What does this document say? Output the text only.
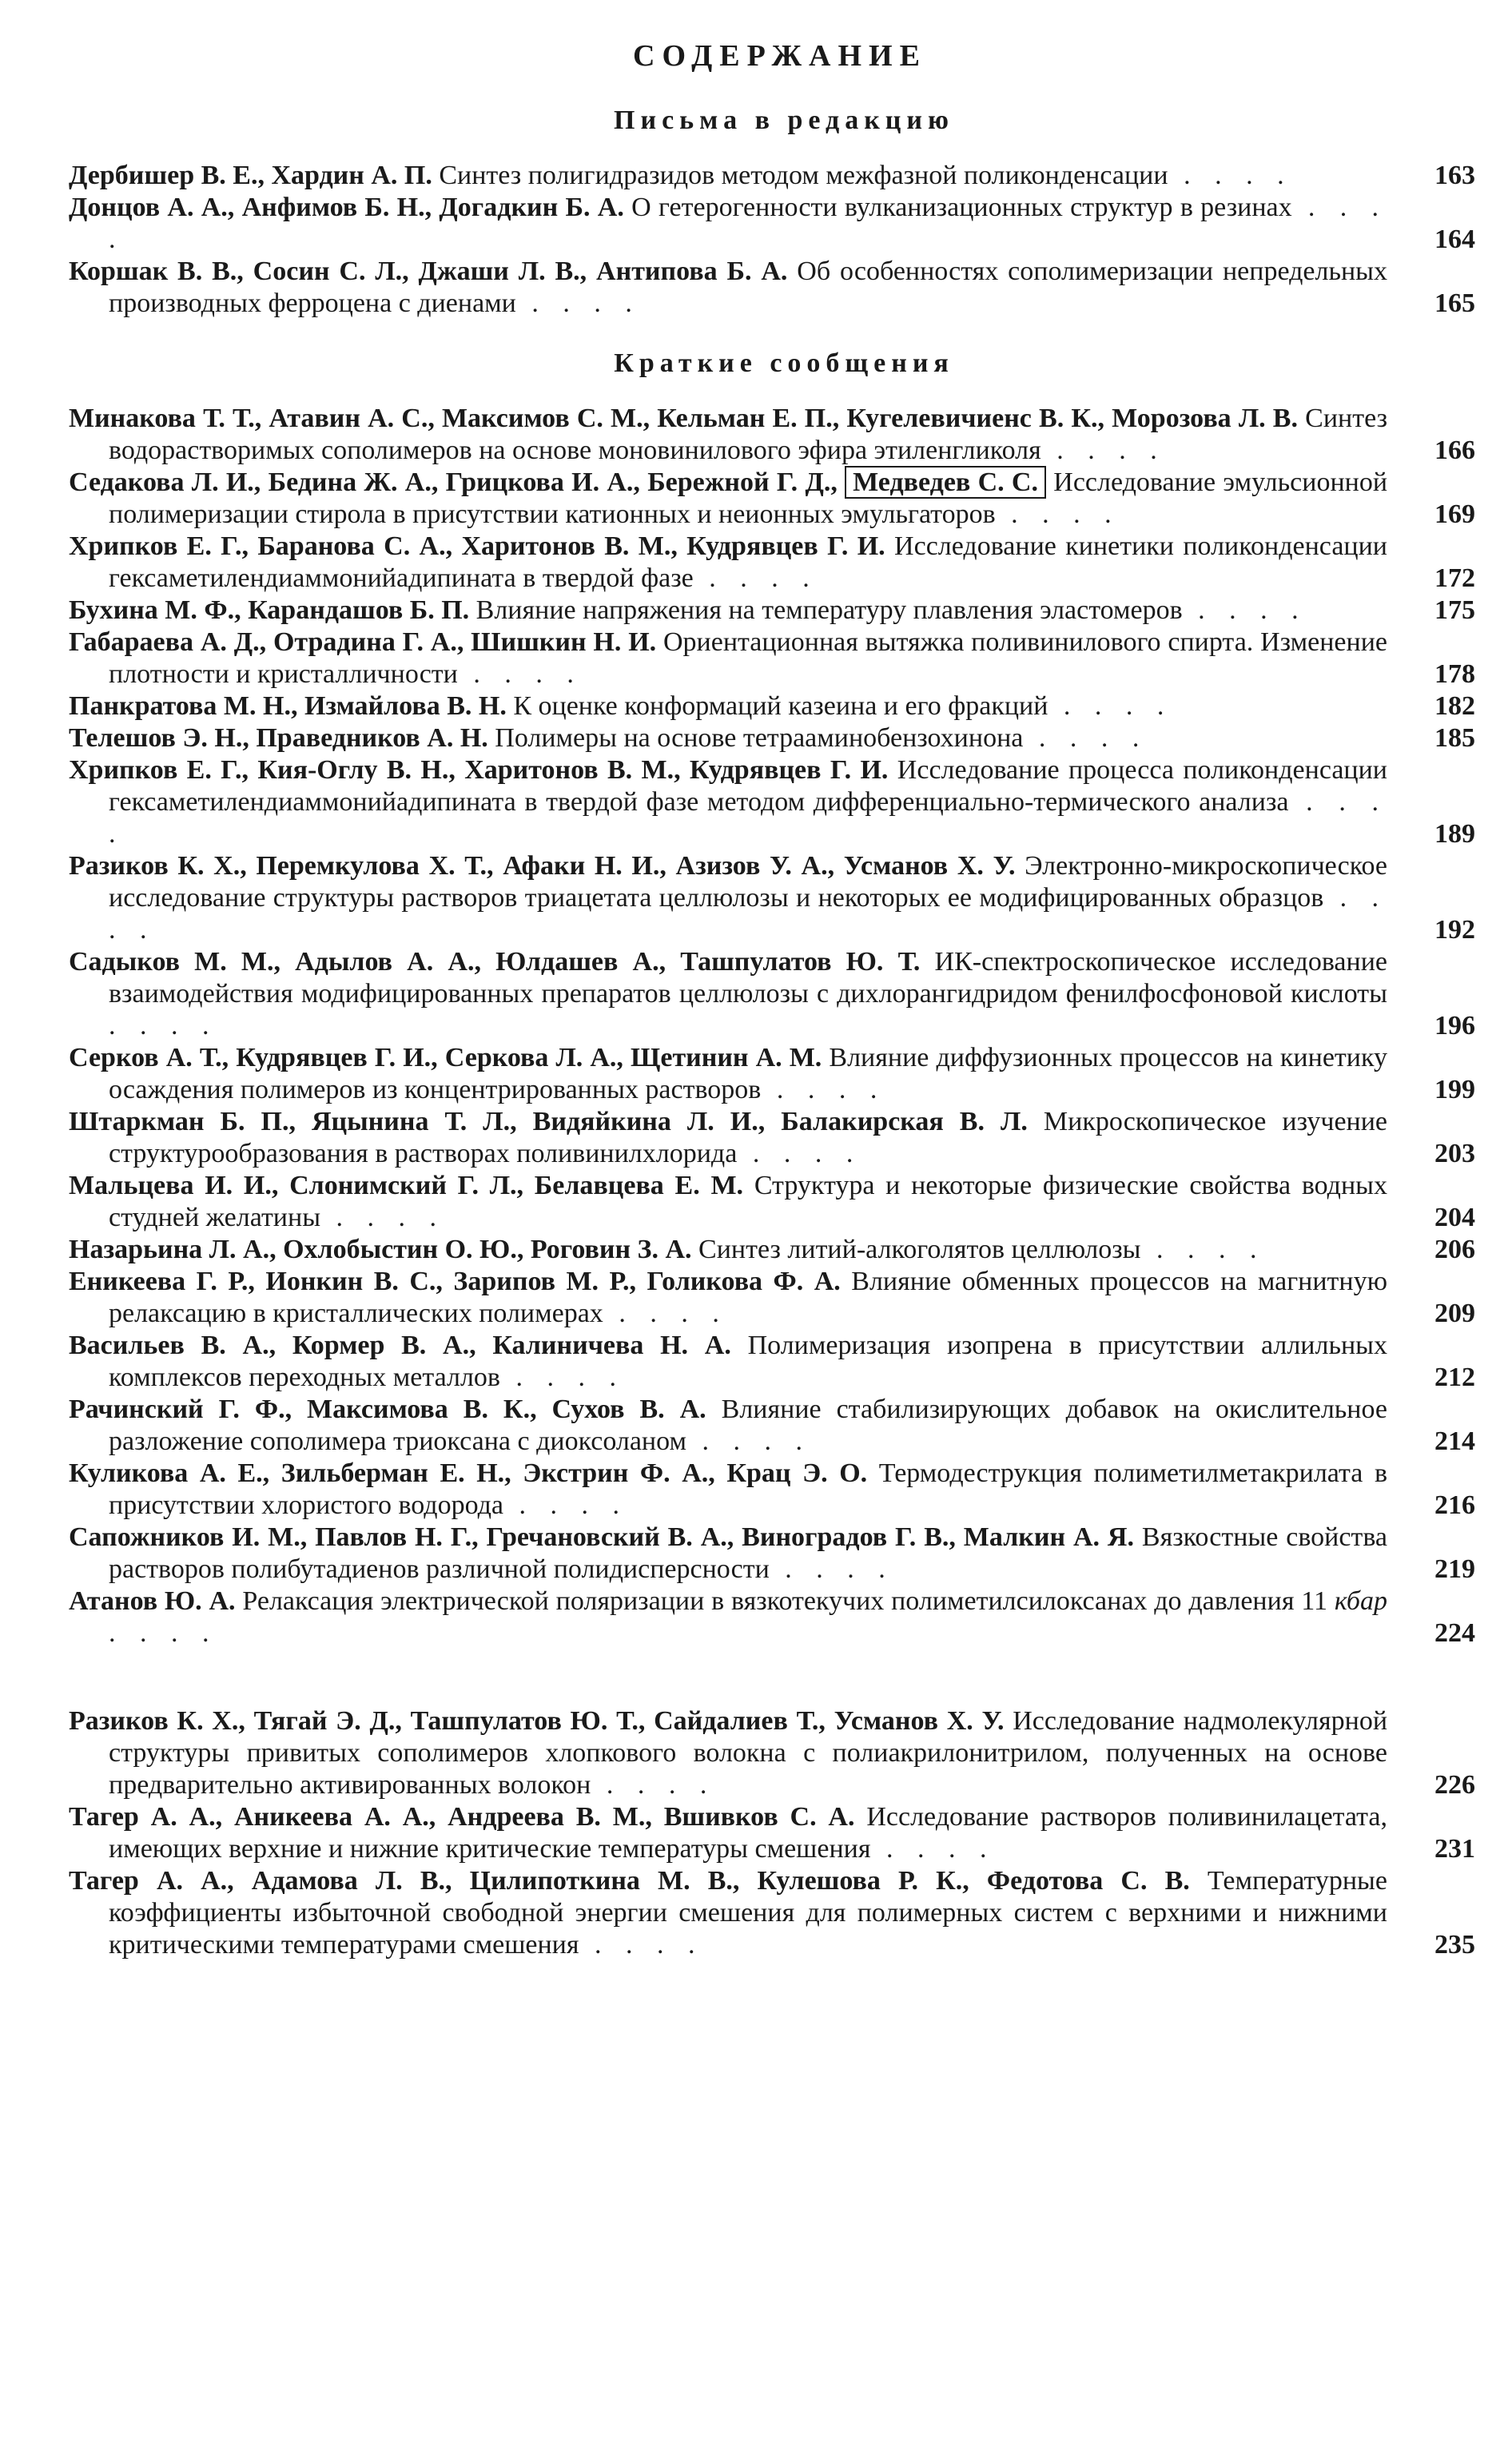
СОДЕРЖАНИЕ
Письма в редакцию

Дербишер В. Е., Хардин А. П. Синтез полигидразидов методом межфазной поликонденсации . . . .	163

Донцов А. А., Анфимов Б. Н., Догадкин Б. А. О гетерогенности вулканизационных структур в резинах . . . .	164

Коршак В. В., Сосин С. Л., Джаши Л. В., Антипова Б. А. Об особенностях сополимеризации непредельных производных ферроцена с диенами . . . .	165

Краткие сообщения

Минакова Т. Т., Атавин А. С., Максимов С. М., Кельман Е. П., Кугелевичиенс В. К., Морозова Л. В. Синтез водорастворимых сополимеров на основе моновинилового эфира этиленгликоля . . . .	166

Седакова Л. И., Бедина Ж. А., Грицкова И. А., Бережной Г. Д., Медведев С. С. Исследование эмульсионной полимеризации стирола в присутствии катионных и неионных эмульгаторов . . . .	169

Хрипков Е. Г., Баранова С. А., Харитонов В. М., Кудрявцев Г. И. Исследование кинетики поликонденсации гексаметилендиаммонийадипината в твердой фазе . . . .	172

Бухина М. Ф., Карандашов Б. П. Влияние напряжения на температуру плавления эластомеров . . . .	175

Габараева А. Д., Отрадина Г. А., Шишкин Н. И. Ориентационная вытяжка поливинилового спирта. Изменение плотности и кристалличности . . . .	178

Панкратова М. Н., Измайлова В. Н. К оценке конформаций казеина и его фракций . . . .	182

Телешов Э. Н., Праведников А. Н. Полимеры на основе тетрааминобензохинона . . . .	185

Хрипков Е. Г., Кия-Оглу В. Н., Харитонов В. М., Кудрявцев Г. И. Исследование процесса поликонденсации гексаметилендиаммонийадипината в твердой фазе методом дифференциально-термического анализа . . . .	189

Разиков К. Х., Перемкулова Х. Т., Афаки Н. И., Азизов У. А., Усманов Х. У. Электронно-микроскопическое исследование структуры растворов триацетата целлюлозы и некоторых ее модифицированных образцов . . . .	192

Садыков М. М., Адылов А. А., Юлдашев А., Ташпулатов Ю. Т. ИК-спектроскопическое исследование взаимодействия модифицированных препаратов целлюлозы с дихлорангидридом фенилфосфоновой кислоты . . . .	196

Серков А. Т., Кудрявцев Г. И., Серкова Л. А., Щетинин А. М. Влияние диффузионных процессов на кинетику осаждения полимеров из концентрированных растворов . . . .	199

Штаркман Б. П., Яцынина Т. Л., Видяйкина Л. И., Балакирская В. Л. Микроскопическое изучение структурообразования в растворах поливинилхлорида . . . .	203

Мальцева И. И., Слонимский Г. Л., Белавцева Е. М. Структура и некоторые физические свойства водных студней желатины . . . .	204

Назарьина Л. А., Охлобыстин О. Ю., Роговин З. А. Синтез литий-алкоголятов целлюлозы . . . .	206

Еникеева Г. Р., Ионкин В. С., Зарипов М. Р., Голикова Ф. А. Влияние обменных процессов на магнитную релаксацию в кристаллических полимерах . . . .	209

Васильев В. А., Кормер В. А., Калиничева Н. А. Полимеризация изопрена в присутствии аллильных комплексов переходных металлов . . . .	212

Рачинский Г. Ф., Максимова В. К., Сухов В. А. Влияние стабилизирующих добавок на окислительное разложение сополимера триоксана с диоксоланом . . . .	214

Куликова А. Е., Зильберман Е. Н., Экстрин Ф. А., Крац Э. О. Термодеструкция полиметилметакрилата в присутствии хлористого водорода . . . .	216

Сапожников И. М., Павлов Н. Г., Гречановский В. А., Виноградов Г. В., Малкин А. Я. Вязкостные свойства растворов полибутадиенов различной полидисперсности . . . .	219

Атанов Ю. А. Релаксация электрической поляризации в вязкотекучих полиметилсилоксанах до давления 11 кбар . . . .	224

Разиков К. Х., Тягай Э. Д., Ташпулатов Ю. Т., Сайдалиев Т., Усманов Х. У. Исследование надмолекулярной структуры привитых сополимеров хлопкового волокна с полиакрилонитрилом, полученных на основе предварительно активированных волокон . . . .	226

Тагер А. А., Аникеева А. А., Андреева В. М., Вшивков С. А. Исследование растворов поливинилацетата, имеющих верхние и нижние критические температуры смешения . . . .	231

Тагер А. А., Адамова Л. В., Цилипоткина М. В., Кулешова Р. К., Федотова С. В. Температурные коэффициенты избыточной свободной энергии смешения для полимерных систем с верхними и нижними критическими температурами смешения . . . .	235
